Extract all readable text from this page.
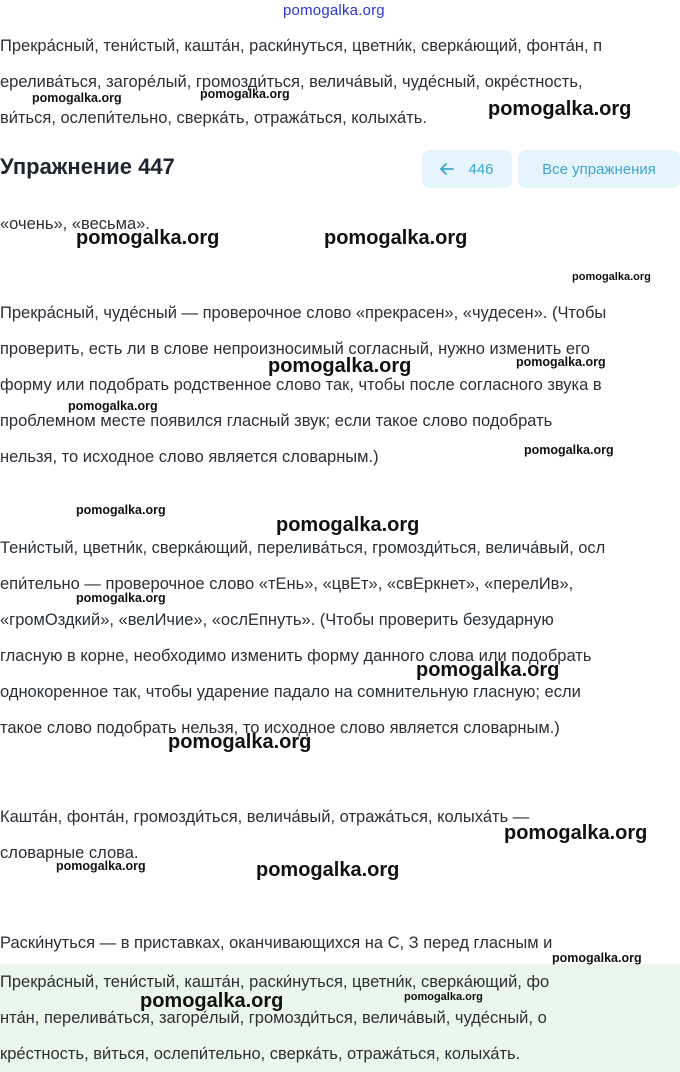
pomogalka.org
Прекра́сный, тени́стый, кашта́н, раски́нуться, цветни́к, сверка́ющий, фонта́н, п
ерелива́ться, загоре́лый, громозди́ться, велича́вый, чуде́сный, окре́стность,
ви́ться, ослепи́тельно, сверка́ть, отража́ться, колыха́ть.
Упражнение 447	446	Все упражнения
«очень», «весьма».
Прекра́сный, чуде́сный — проверочное слово «прекрасен», «чудесен». (Чтобы
проверить, есть ли в слове непроизносимый согласный, нужно изменить его
форму или подобрать родственное слово так, чтобы после согласного звука в
проблемном месте появился гласный звук; если такое слово подобрать
нельзя, то исходное слово является словарным.)
Тени́стый, цветни́к, сверка́ющий, перелива́ться, громозди́ться, велича́вый, осл
епи́тельно — проверочное слово «тЕнь», «цвЕт», «свЕркнет», «перелИв»,
«громОздкий», «велИчие», «ослЕпнуть». (Чтобы проверить безударную
гласную в корне, необходимо изменить форму данного слова или подобрать
однокоренное так, чтобы ударение падало на сомнительную гласную; если
такое слово подобрать нельзя, то исходное слово является словарным.)
Кашта́н, фонта́н, громозди́ться, велича́вый, отража́ться, колыха́ть —
словарные слова.
Раски́нуться — в приставках, оканчивающихся на С, З перед гласным и
Прекра́сный, тени́стый, кашта́н, раски́нуться, цветни́к, сверка́ющий, фо
нта́н, перелива́ться, загоре́лый, громозди́ться, велича́вый, чуде́сный, о
кре́стность, ви́ться, ослепи́тельно, сверка́ть, отража́ться, колыха́ть.
pomogalka.org	pomogalka.org
pomogalka.org
pomogalka.org	pomogalka.org
pomogalka.org
pomogalka.org	pomogalka.org
pomogalka.org
pomogalka.org
pomogalka.org
pomogalka.org
pomogalka.org
pomogalka.org
pomogalka.org
pomogalka.org
pomogalka.org	pomogalka.org
pomogalka.org
pomogalka.org	pomogalka.org
